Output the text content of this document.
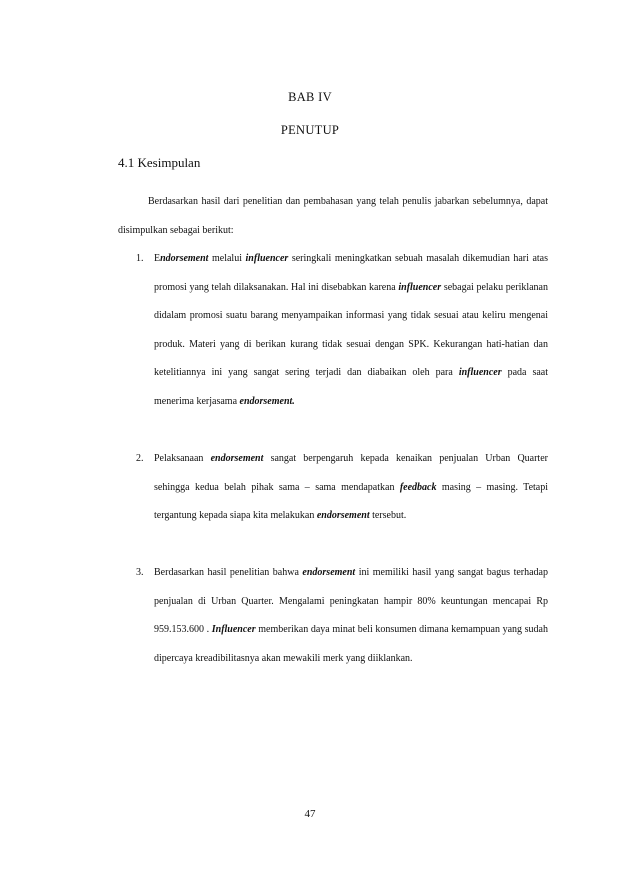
BAB IV
PENUTUP
4.1 Kesimpulan

Berdasarkan hasil dari penelitian dan pembahasan yang telah penulis jabarkan sebelumnya, dapat disimpulkan sebagai berikut:

1. Endorsement melalui influencer seringkali meningkatkan sebuah masalah dikemudian hari atas promosi yang telah dilaksanakan. Hal ini disebabkan karena influencer sebagai pelaku periklanan didalam promosi suatu barang menyampaikan informasi yang tidak sesuai atau keliru mengenai produk. Materi yang di berikan kurang tidak sesuai dengan SPK. Kekurangan hati-hatian dan ketelitiannya ini yang sangat sering terjadi dan diabaikan oleh para influencer pada saat menerima kerjasama endorsement.

2. Pelaksanaan endorsement sangat berpengaruh kepada kenaikan penjualan Urban Quarter sehingga kedua belah pihak sama – sama mendapatkan feedback masing – masing. Tetapi tergantung kepada siapa kita melakukan endorsement tersebut.

3. Berdasarkan hasil penelitian bahwa endorsement ini memiliki hasil yang sangat bagus terhadap penjualan di Urban Quarter. Mengalami peningkatan hampir 80% keuntungan mencapai Rp 959.153.600 . Influencer memberikan daya minat beli konsumen dimana kemampuan yang sudah dipercaya kreadibilitasnya akan mewakili merk yang diiklankan.

47
